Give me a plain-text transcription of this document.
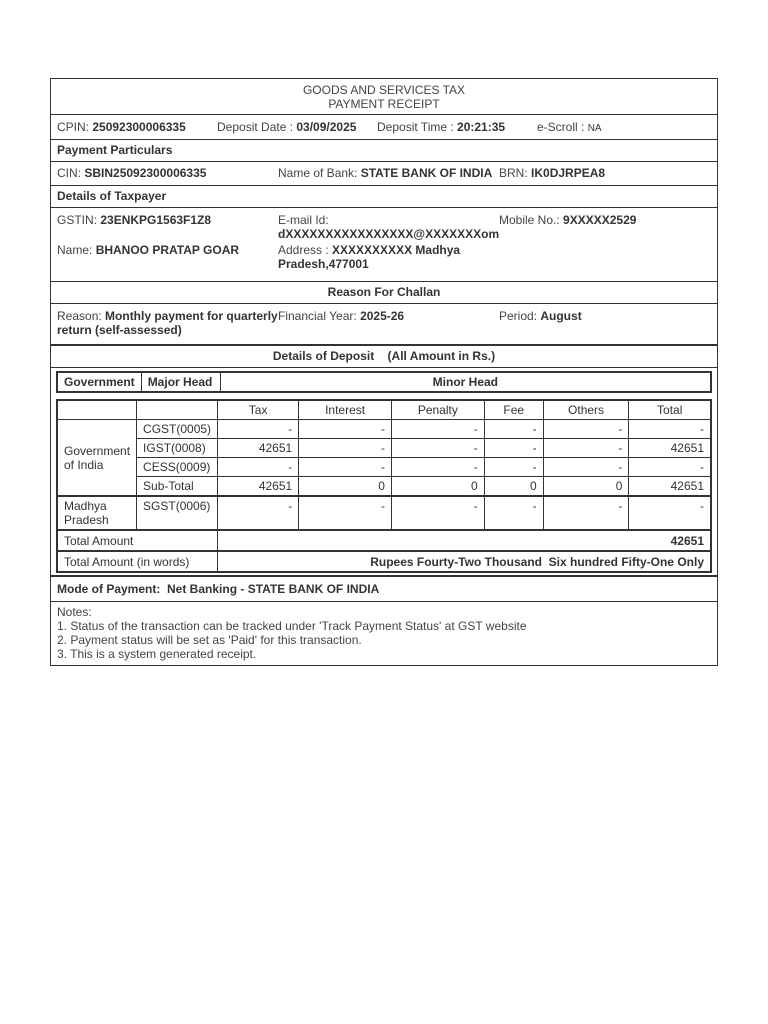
GOODS AND SERVICES TAX
PAYMENT RECEIPT
CPIN: 25092300006335	Deposit Date : 03/09/2025	Deposit Time : 20:21:35	e-Scroll : NA
Payment Particulars
CIN: SBIN25092300006335	Name of Bank: STATE BANK OF INDIA BRN: IK0DJRPEA8
Details of Taxpayer
GSTIN: 23ENKPG1563F1Z8	E-mail Id:
dXXXXXXXXXXXXXXXX@XXXXXXXom
Mobile No.: 9XXXXX2529
Name: BHANOO PRATAP GOAR	Address : XXXXXXXXXX Madhya
Pradesh,477001
Reason For Challan
Reason: Monthly payment for quarterly
return (self-assessed)
Financial Year: 2025-26	Period: August
Details of Deposit    (All Amount in Rs.)
Government	Major Head	Minor Head
		Tax	Interest	Penalty	Fee	Others	Total
Government of India	CGST(0005)	-	-	-	-	-	-
	IGST(0008)	42651	-	-	-	-	42651
	CESS(0009)	-	-	-	-	-	-
	Sub-Total	42651	0	0	0	0	42651
Madhya Pradesh	SGST(0006)	-	-	-	-	-	-
Total Amount		42651					
Total Amount (in words)		Rupees Fourty-Two Thousand  Six hundred Fifty-One Only					
Mode of Payment:  Net Banking - STATE BANK OF INDIA
Notes:
1. Status of the transaction can be tracked under 'Track Payment Status' at GST website
2. Payment status will be set as 'Paid' for this transaction.
3. This is a system generated receipt.
